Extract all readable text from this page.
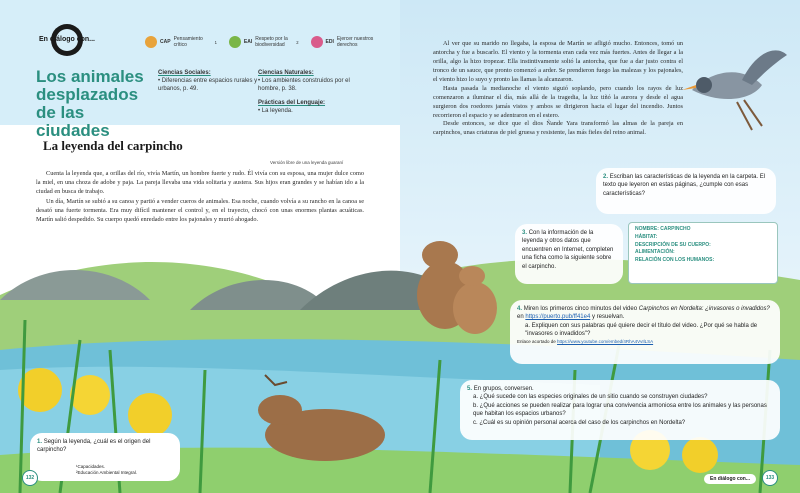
En diálogo con...
Los animales desplazados de las ciudades
CAP Pensamiento crítico	1	EAI Respeto por la biodiversidad	2	EDI Ejercer nuestros derechos
Ciencias Sociales:
• Diferencias entre espacios rurales y urbanos, p. 49.
Ciencias Naturales:
• Los ambientes construidos por el hombre, p. 38.
Prácticas del Lenguaje:
• La leyenda.
La leyenda del carpincho
Versión libre de una leyenda guaraní

Cuenta la leyenda que, a orillas del río, vivía Martín, un hombre fuerte y rudo. Él vivía con su esposa, una mujer dulce como la miel, en una choza de adobe y paja. La pareja llevaba una vida solitaria y austera. Sus hijos eran grandes y se habían ido a la ciudad en busca de trabajo.

Un día, Martín se subió a su canoa y partió a vender cueros de animales. Esa noche, cuando volvía a su rancho en la canoa se desató una fuerte tormenta. Era muy difícil mantener el control y, en el trayecto, chocó con unas enormes plantas acuáticas. Martín salió despedido. Su cuerpo quedó enredado entre los pajonales y murió ahogado.

Al ver que su marido no llegaba, la esposa de Martín se afligió mucho. Entonces, tomó un antorcha y fue a buscarlo. El viento y la tormenta eran cada vez más fuertes. Antes de llegar a la orilla, algo la hizo tropezar. Ella instintivamente soltó la antorcha, que fue a dar justo contra el tronco de un sauce, que pronto comenzó a arder. Se prendieron fuego las malezas y los pajonales, el viento hizo lo suyo y pronto las llamas la alcanzaron.

Hasta pasada la medianoche el viento siguió soplando, pero cuando los rayos de luz comenzaron a iluminar el día, más allá de la tragedia, la luz tiñó la aurora y desde el agua surgieron dos roedores jamás vistos y ambos se dirigieron hacia el lugar del incendio. Juntos recorrieron el espacio y se adentraron en el estero.

Desde entonces, se dice que el dios Ñande Yara transformó las almas de la pareja en carpinchos, unas criaturas de piel gruesa y resistente, las más fieles del reino animal.

1. Según la leyenda, ¿cuál es el origen del carpincho?
2. Escriban las características de la leyenda en la carpeta. El texto que leyeron en estas páginas, ¿cumple con esas características?
3. Con la información de la leyenda y otros datos que encuentren en Internet, completen una ficha como la siguiente sobre el carpincho.
NOMBRE: CARPINCHO
HÁBITAT:
DESCRIPCIÓN DE SU CUERPO:
ALIMENTACIÓN:
RELACIÓN CON LOS HUMANOS:
4. Miren los primeros cinco minutos del video Carpinchos en Nordelta: ¿invasores o invadidos? en https://puerto.pub/ff41e4 y resuelvan.
a. Expliquen con sus palabras qué quiere decir el título del video. ¿Por qué se habla de "invasores o invadidos"?
Enlace acortado de https://www.youtube.com/embed/4RhA4VvIlLSA
5. En grupos, conversen.
a. ¿Qué sucede con las especies originales de un sitio cuando se construyen ciudades?
b. ¿Qué acciones se pueden realizar para lograr una convivencia armoniosa entre los animales y las personas que habitan los espacios urbanos?
c. ¿Cuál es su opinión personal acerca del caso de los carpinchos en Nordelta?
¹Capacidades.
²Educación Ambiental Integral.
132	En diálogo con...	133
